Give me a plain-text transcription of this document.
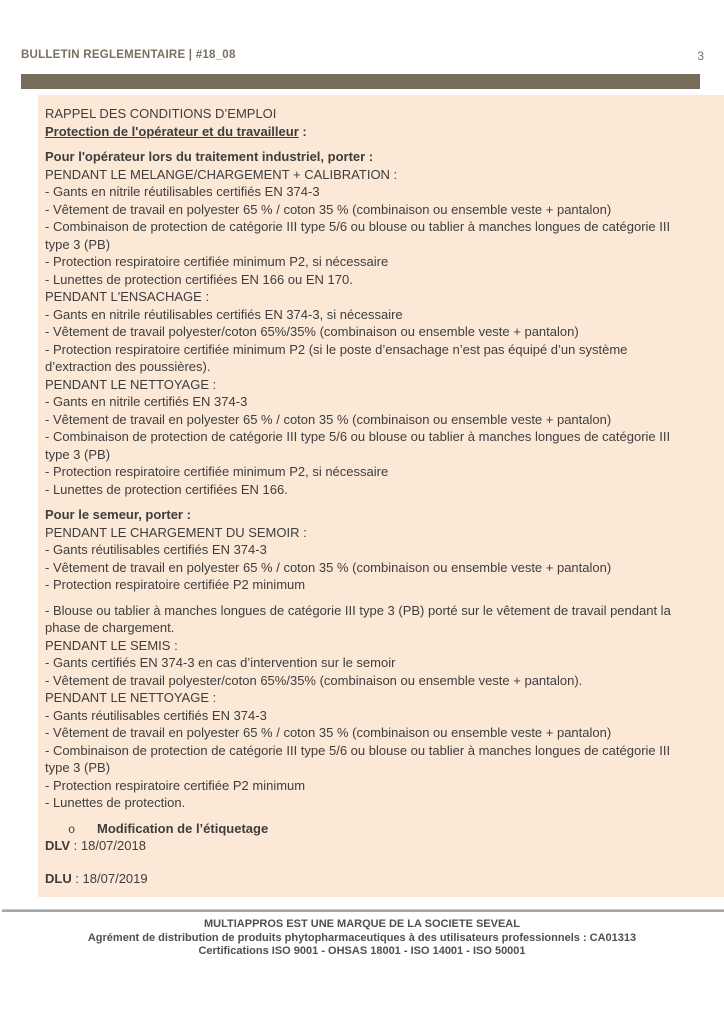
BULLETIN REGLEMENTAIRE | #18_08	3
RAPPEL DES CONDITIONS D’EMPLOI
Protection de l'opérateur et du travailleur :
Pour l'opérateur lors du traitement industriel, porter :
PENDANT LE MELANGE/CHARGEMENT + CALIBRATION :
- Gants en nitrile réutilisables certifiés EN 374-3
- Vêtement de travail en polyester 65 % / coton 35 % (combinaison ou ensemble veste + pantalon)
- Combinaison de protection de catégorie III type 5/6 ou blouse ou tablier à manches longues de catégorie III
type 3 (PB)
- Protection respiratoire certifiée minimum P2, si nécessaire
- Lunettes de protection certifiées EN 166 ou EN 170.
PENDANT L'ENSACHAGE :
- Gants en nitrile réutilisables certifiés EN 374-3, si nécessaire
- Vêtement de travail polyester/coton 65%/35% (combinaison ou ensemble veste + pantalon)
- Protection respiratoire certifiée minimum P2 (si le poste d’ensachage n’est pas équipé d’un système
d’extraction des poussières).
PENDANT LE NETTOYAGE :
- Gants en nitrile certifiés EN 374-3
- Vêtement de travail en polyester 65 % / coton 35 % (combinaison ou ensemble veste + pantalon)
- Combinaison de protection de catégorie III type 5/6 ou blouse ou tablier à manches longues de catégorie III
type 3 (PB)
- Protection respiratoire certifiée minimum P2, si nécessaire
- Lunettes de protection certifiées EN 166.
Pour le semeur, porter :
PENDANT LE CHARGEMENT DU SEMOIR :
- Gants réutilisables certifiés EN 374-3
- Vêtement de travail en polyester 65 % / coton 35 % (combinaison ou ensemble veste + pantalon)
- Protection respiratoire certifiée P2 minimum
- Blouse ou tablier à manches longues de catégorie III type 3 (PB) porté sur le vêtement de travail pendant la
phase de chargement.
PENDANT LE SEMIS :
- Gants certifiés EN 374-3 en cas d’intervention sur le semoir
- Vêtement de travail polyester/coton 65%/35% (combinaison ou ensemble veste + pantalon).
PENDANT LE NETTOYAGE :
- Gants réutilisables certifiés EN 374-3
- Vêtement de travail en polyester 65 % / coton 35 % (combinaison ou ensemble veste + pantalon)
- Combinaison de protection de catégorie III type 5/6 ou blouse ou tablier à manches longues de catégorie III
type 3 (PB)
- Protection respiratoire certifiée P2 minimum
- Lunettes de protection.
o Modification de l’étiquetage
DLV : 18/07/2018
DLU : 18/07/2019
MULTIAPPROS EST UNE MARQUE DE LA SOCIETE SEVEAL
Agrément de distribution de produits phytopharmaceutiques à des utilisateurs professionnels : CA01313
Certifications ISO 9001 - OHSAS 18001 - ISO 14001 - ISO 50001
